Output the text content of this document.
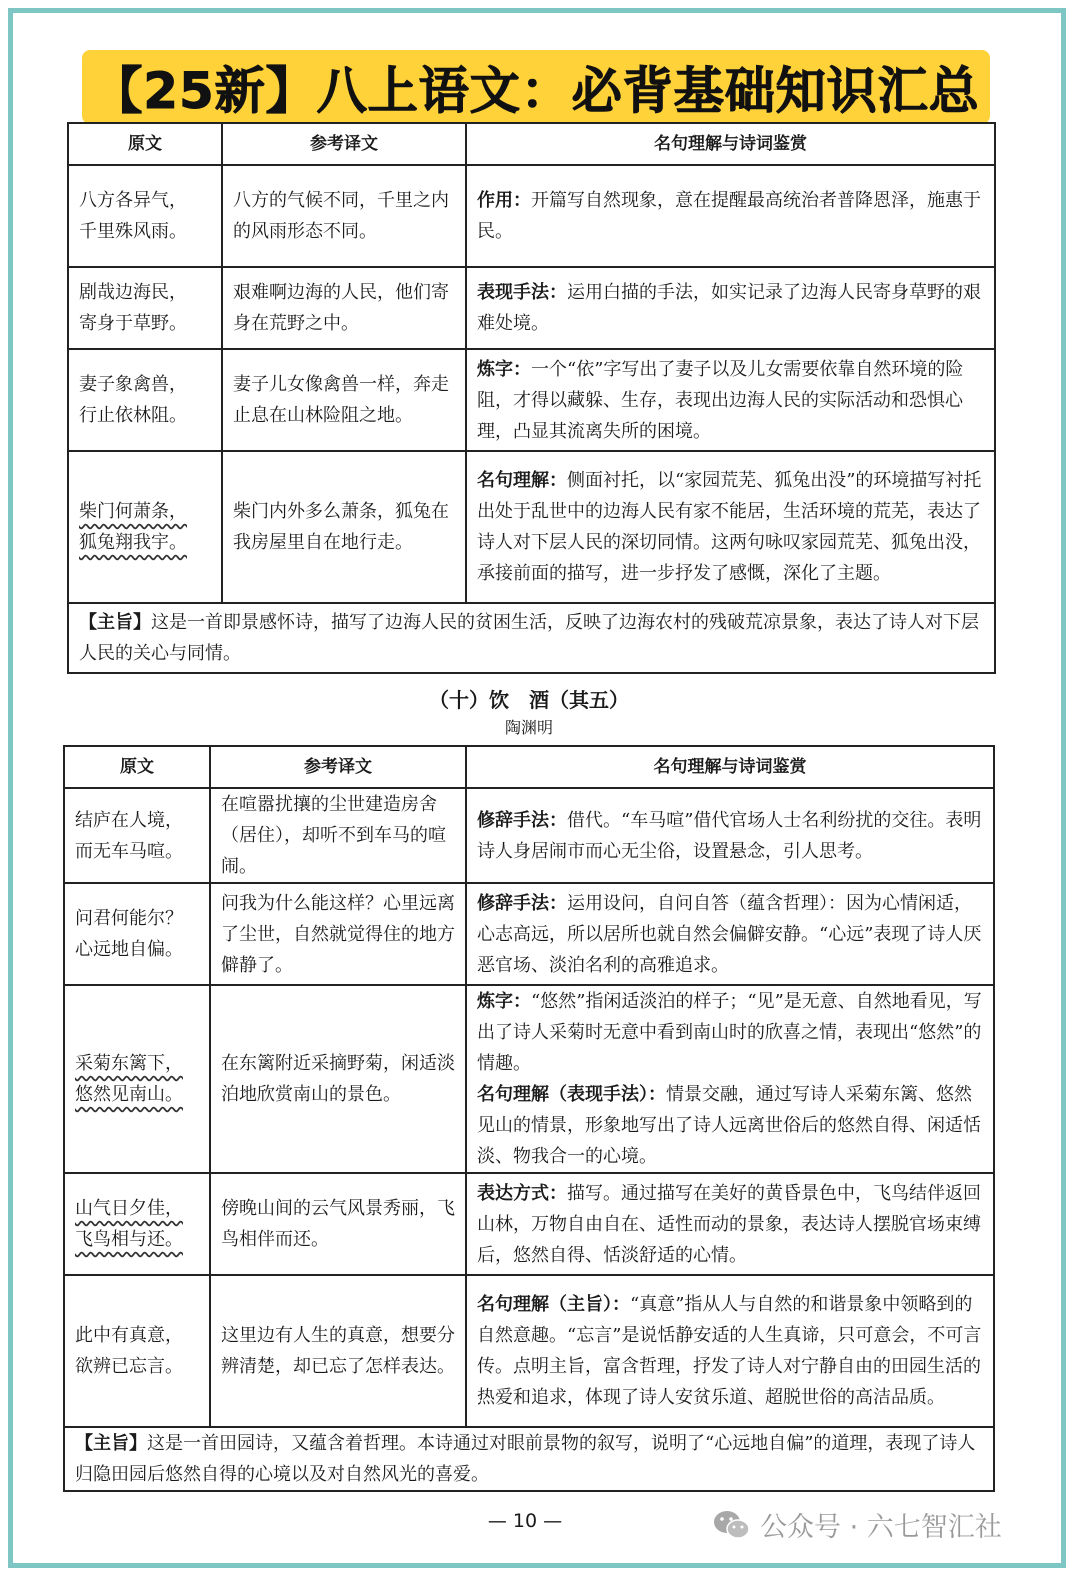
【25新】八上语文：必背基础知识汇总
原文	参考译文	名句理解与诗词鉴赏

八方各异气，
千里殊风雨。	八方的气候不同，千里之内的风雨形态不同。	作用：开篇写自然现象，意在提醒最高统治者普降恩泽，施惠于民。

剧哉边海民，
寄身于草野。	艰难啊边海的人民，他们寄身在荒野之中。	表现手法：运用白描的手法，如实记录了边海人民寄身草野的艰难处境。

妻子象禽兽，
行止依林阻。	妻子儿女像禽兽一样，奔走止息在山林险阻之地。	炼字：一个“依”字写出了妻子以及儿女需要依靠自然环境的险阻，才得以藏躲、生存，表现出边海人民的实际活动和恐惧心理，凸显其流离失所的困境。

柴门何萧条，
狐兔翔我宇。	柴门内外多么萧条，狐兔在我房屋里自在地行走。	名句理解：侧面衬托，以“家园荒芜、狐兔出没”的环境描写衬托出处于乱世中的边海人民有家不能居，生活环境的荒芜，表达了诗人对下层人民的深切同情。这两句咏叹家园荒芜、狐兔出没，承接前面的描写，进一步抒发了感慨，深化了主题。
【主旨】这是一首即景感怀诗，描写了边海人民的贫困生活，反映了边海农村的残破荒凉景象，表达了诗人对下层人民的关心与同情。		
（十）饮　酒（其五）
陶渊明
原文	参考译文	名句理解与诗词鉴赏

结庐在人境，
而无车马喧。	在喧嚣扰攘的尘世建造房舍（居住），却听不到车马的喧闹。	修辞手法：借代。“车马喧”借代官场人士名利纷扰的交往。表明诗人身居闹市而心无尘俗，设置悬念，引人思考。

问君何能尔？
心远地自偏。	问我为什么能这样？心里远离了尘世，自然就觉得住的地方僻静了。	修辞手法：运用设问，自问自答（蕴含哲理）：因为心情闲适，心志高远，所以居所也就自然会偏僻安静。“心远”表现了诗人厌恶官场、淡泊名利的高雅追求。

采菊东篱下，
悠然见南山。	在东篱附近采摘野菊，闲适淡泊地欣赏南山的景色。	炼字：“悠然”指闲适淡泊的样子；“见”是无意、自然地看见，写出了诗人采菊时无意中看到南山时的欣喜之情，表现出“悠然”的情趣。
名句理解（表现手法）：情景交融，通过写诗人采菊东篱、悠然见山的情景，形象地写出了诗人远离世俗后的悠然自得、闲适恬淡、物我合一的心境。

山气日夕佳，
飞鸟相与还。	傍晚山间的云气风景秀丽，飞鸟相伴而还。	表达方式：描写。通过描写在美好的黄昏景色中，飞鸟结伴返回山林，万物自由自在、适性而动的景象，表达诗人摆脱官场束缚后，悠然自得、恬淡舒适的心情。

此中有真意，
欲辨已忘言。	这里边有人生的真意，想要分辨清楚，却已忘了怎样表达。	名句理解（主旨）：“真意”指从人与自然的和谐景象中领略到的自然意趣。“忘言”是说恬静安适的人生真谛，只可意会，不可言传。点明主旨，富含哲理，抒发了诗人对宁静自由的田园生活的热爱和追求，体现了诗人安贫乐道、超脱世俗的高洁品质。
【主旨】这是一首田园诗，又蕴含着哲理。本诗通过对眼前景物的叙写，说明了“心远地自偏”的道理，表现了诗人归隐田园后悠然自得的心境以及对自然风光的喜爱。		
— 10 —	公众号 · 六七智汇社
